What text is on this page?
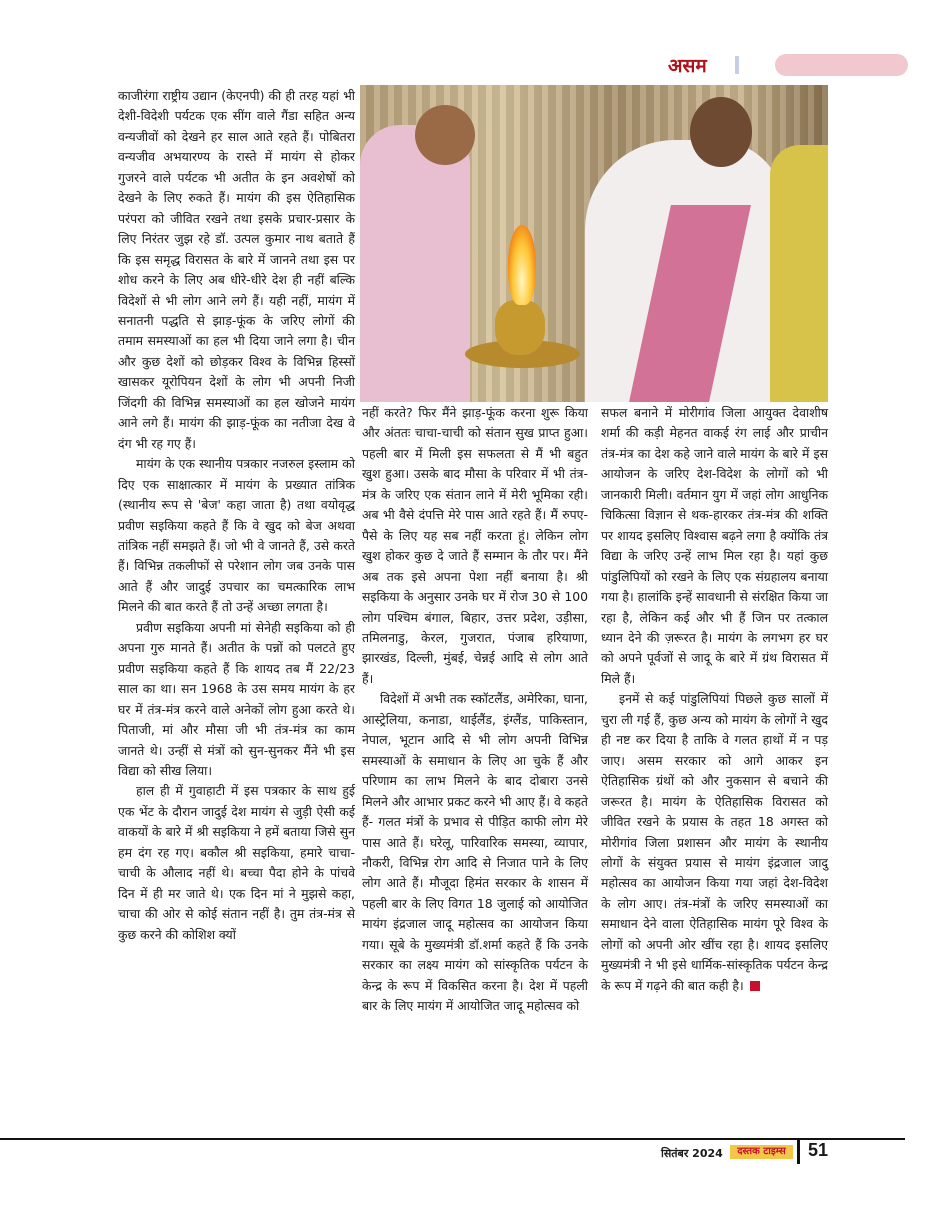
असम

काजीरंगा राष्ट्रीय उद्यान (केएनपी) की ही तरह यहां भी देशी-विदेशी पर्यटक एक सींग वाले गैंडा सहित अन्य वन्यजीवों को देखने हर साल आते रहते हैं। पोबितरा वन्यजीव अभयारण्य के रास्ते में मायंग से होकर गुजरने वाले पर्यटक भी अतीत के इन अवशेषों को देखने के लिए रुकते हैं। मायंग की इस ऐतिहासिक परंपरा को जीवित रखने तथा इसके प्रचार-प्रसार के लिए निरंतर जुझ रहे डॉ. उत्पल कुमार नाथ बताते हैं कि इस समृद्ध विरासत के बारे में जानने तथा इस पर शोध करने के लिए अब धीरे-धीरे देश ही नहीं बल्कि विदेशों से भी लोग आने लगे हैं। यही नहीं, मायंग में सनातनी पद्धति से झाड़-फूंक के जरिए लोगों की तमाम समस्याओं का हल भी दिया जाने लगा है। चीन और कुछ देशों को छोड़कर विश्व के विभिन्न हिस्सों खासकर यूरोपियन देशों के लोग भी अपनी निजी जिंदगी की विभिन्न समस्याओं का हल खोजने मायंग आने लगे हैं। मायंग की झाड़-फूंक का नतीजा देख वे दंग भी रह गए हैं।

मायंग के एक स्थानीय पत्रकार नजरुल इस्लाम को दिए एक साक्षात्कार में मायंग के प्रख्यात तांत्रिक (स्थानीय रूप से 'बेज' कहा जाता है) तथा वयोवृद्ध प्रवीण सइकिया कहते हैं कि वे खुद को बेज अथवा तांत्रिक नहीं समझते हैं। जो भी वे जानते हैं, उसे करते हैं। विभिन्न तकलीफों से परेशान लोग जब उनके पास आते हैं और जादुई उपचार का चमत्कारिक लाभ मिलने की बात करते हैं तो उन्हें अच्छा लगता है।

प्रवीण सइकिया अपनी मां सेनेही सइकिया को ही अपना गुरु मानते हैं। अतीत के पन्नों को पलटते हुए प्रवीण सइकिया कहते हैं कि शायद तब मैं 22/23 साल का था। सन 1968 के उस समय मायंग के हर घर में तंत्र-मंत्र करने वाले अनेकों लोग हुआ करते थे। पिताजी, मां और मौसा जी भी तंत्र-मंत्र का काम जानते थे। उन्हीं से मंत्रों को सुन-सुनकर मैंने भी इस विद्या को सीख लिया।

हाल ही में गुवाहाटी में इस पत्रकार के साथ हुई एक भेंट के दौरान जादुई देश मायंग से जुड़ी ऐसी कई वाकयों के बारे में श्री सइकिया ने हमें बताया जिसे सुन हम दंग रह गए। बकौल श्री सइकिया, हमारे चाचा-चाची के औलाद नहीं थे। बच्चा पैदा होने के पांचवे दिन में ही मर जाते थे। एक दिन मां ने मुझसे कहा, चाचा की ओर से कोई संतान नहीं है। तुम तंत्र-मंत्र से कुछ करने की कोशिश क्यों

नहीं करते? फिर मैंने झाड़-फूंक करना शुरू किया और अंततः चाचा-चाची को संतान सुख प्राप्त हुआ। पहली बार में मिली इस सफलता से मैं भी बहुत खुश हुआ। उसके बाद मौसा के परिवार में भी तंत्र-मंत्र के जरिए एक संतान लाने में मेरी भूमिका रही। अब भी वैसे दंपत्ति मेरे पास आते रहते हैं। मैं रुपए-पैसे के लिए यह सब नहीं करता हूं। लेकिन लोग खुश होकर कुछ दे जाते हैं सम्मान के तौर पर। मैंने अब तक इसे अपना पेशा नहीं बनाया है। श्री सइकिया के अनुसार उनके घर में रोज 30 से 100 लोग पश्चिम बंगाल, बिहार, उत्तर प्रदेश, उड़ीसा, तमिलनाडु, केरल, गुजरात, पंजाब हरियाणा, झारखंड, दिल्ली, मुंबई, चेन्नई आदि से लोग आते हैं।

विदेशों में अभी तक स्कॉटलैंड, अमेरिका, घाना, आस्ट्रेलिया, कनाडा, थाईलैंड, इंग्लैंड, पाकिस्तान, नेपाल, भूटान आदि से भी लोग अपनी विभिन्न समस्याओं के समाधान के लिए आ चुके हैं और परिणाम का लाभ मिलने के बाद दोबारा उनसे मिलने और आभार प्रकट करने भी आए हैं। वे कहते हैं- गलत मंत्रों के प्रभाव से पीड़ित काफी लोग मेरे पास आते हैं। घरेलू, पारिवारिक समस्या, व्यापार, नौकरी, विभिन्न रोग आदि से निजात पाने के लिए लोग आते हैं। मौजूदा हिमंत सरकार के शासन में पहली बार के लिए विगत 18 जुलाई को आयोजित मायंग इंद्रजाल जादू महोत्सव का आयोजन किया गया। सूबे के मुख्यमंत्री डॉ.शर्मा कहते हैं कि उनके सरकार का लक्ष्य मायंग को सांस्कृतिक पर्यटन के केन्द्र के रूप में विकसित करना है। देश में पहली बार के लिए मायंग में आयोजित जादू महोत्सव को

सफल बनाने में मोरीगांव जिला आयुक्त देवाशीष शर्मा की कड़ी मेहनत वाकई रंग लाई और प्राचीन तंत्र-मंत्र का देश कहे जाने वाले मायंग के बारे में इस आयोजन के जरिए देश-विदेश के लोगों को भी जानकारी मिली। वर्तमान युग में जहां लोग आधुनिक चिकित्सा विज्ञान से थक-हारकर तंत्र-मंत्र की शक्ति पर शायद इसलिए विश्वास बढ़ने लगा है क्योंकि तंत्र विद्या के जरिए उन्हें लाभ मिल रहा है। यहां कुछ पांडुलिपियों को रखने के लिए एक संग्रहालय बनाया गया है। हालांकि इन्हें सावधानी से संरक्षित किया जा रहा है, लेकिन कई और भी हैं जिन पर तत्काल ध्यान देने की ज़रूरत है। मायंग के लगभग हर घर को अपने पूर्वजों से जादू के बारे में ग्रंथ विरासत में मिले हैं।

इनमें से कई पांडुलिपियां पिछले कुछ सालों में चुरा ली गई हैं, कुछ अन्य को मायंग के लोगों ने खुद ही नष्ट कर दिया है ताकि वे गलत हाथों में न पड़ जाए। असम सरकार को आगे आकर इन ऐतिहासिक ग्रंथों को और नुकसान से बचाने की जरूरत है। मायंग के ऐतिहासिक विरासत को जीवित रखने के प्रयास के तहत 18 अगस्त को मोरीगांव जिला प्रशासन और मायंग के स्थानीय लोगों के संयुक्त प्रयास से मायंग इंद्रजाल जादु महोत्सव का आयोजन किया गया जहां देश-विदेश के लोग आए। तंत्र-मंत्रों के जरिए समस्याओं का समाधान देने वाला ऐतिहासिक मायंग पूरे विश्व के लोगों को अपनी ओर खींच रहा है। शायद इसलिए मुख्यमंत्री ने भी इसे धार्मिक-सांस्कृतिक पर्यटन केन्द्र के रूप में गढ़ने की बात कही है।

सितंबर 2024	दस्तक टाइम्स	51
